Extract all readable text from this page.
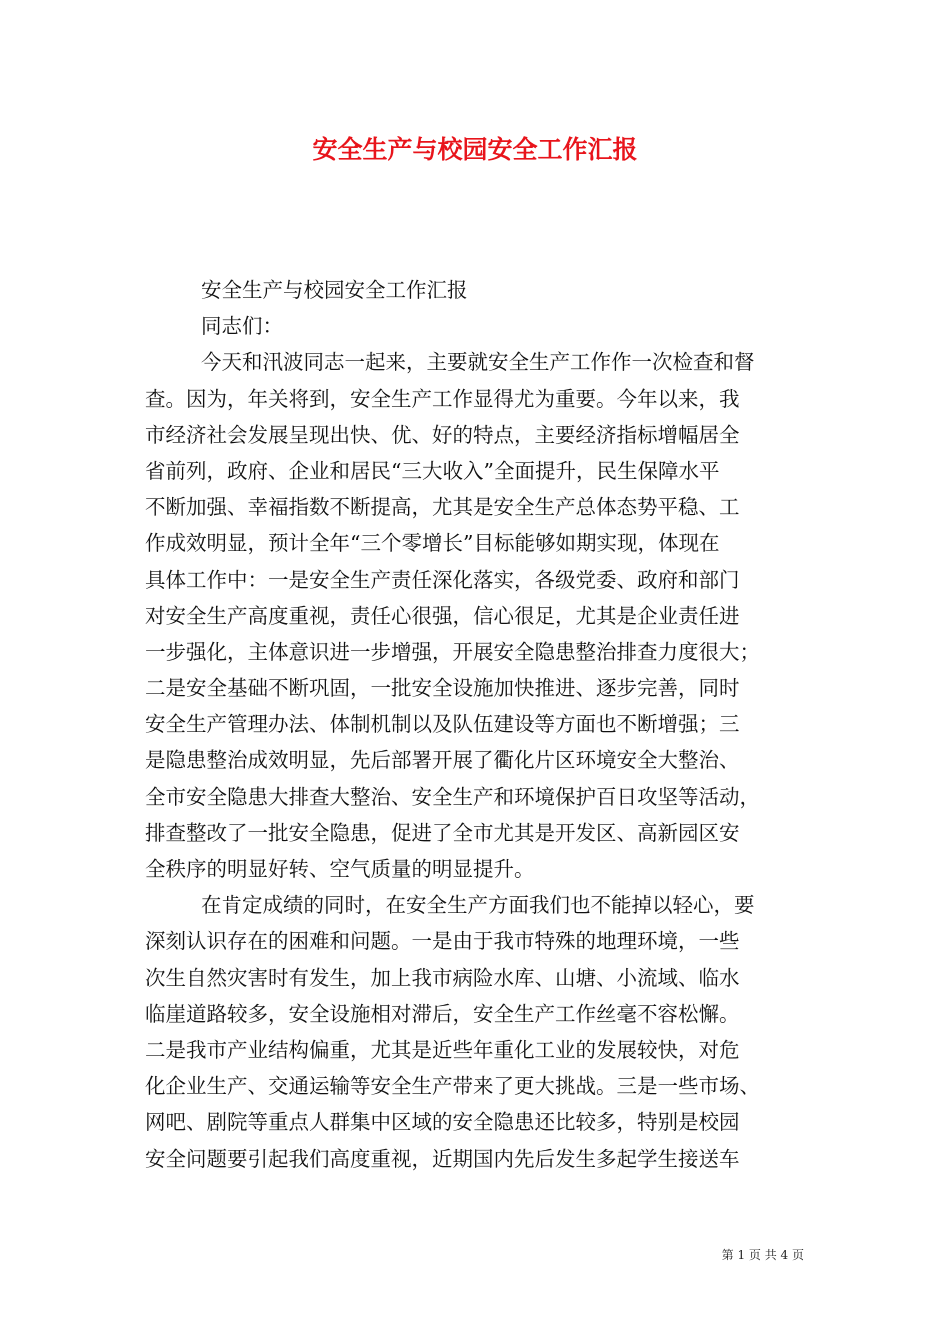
安全生产与校园安全工作汇报
安全生产与校园安全工作汇报
同志们：
今天和汛波同志一起来，主要就安全生产工作作一次检查和督
查。因为，年关将到，安全生产工作显得尤为重要。今年以来，我
市经济社会发展呈现出快、优、好的特点，主要经济指标增幅居全
省前列，政府、企业和居民“三大收入”全面提升，民生保障水平
不断加强、幸福指数不断提高，尤其是安全生产总体态势平稳、工
作成效明显，预计全年“三个零增长”目标能够如期实现，体现在
具体工作中：一是安全生产责任深化落实，各级党委、政府和部门
对安全生产高度重视，责任心很强，信心很足，尤其是企业责任进
一步强化，主体意识进一步增强，开展安全隐患整治排查力度很大；
二是安全基础不断巩固，一批安全设施加快推进、逐步完善，同时
安全生产管理办法、体制机制以及队伍建设等方面也不断增强；三
是隐患整治成效明显，先后部署开展了衢化片区环境安全大整治、
全市安全隐患大排查大整治、安全生产和环境保护百日攻坚等活动，
排查整改了一批安全隐患，促进了全市尤其是开发区、高新园区安
全秩序的明显好转、空气质量的明显提升。
在肯定成绩的同时，在安全生产方面我们也不能掉以轻心，要
深刻认识存在的困难和问题。一是由于我市特殊的地理环境，一些
次生自然灾害时有发生，加上我市病险水库、山塘、小流域、临水
临崖道路较多，安全设施相对滞后，安全生产工作丝毫不容松懈。
二是我市产业结构偏重，尤其是近些年重化工业的发展较快，对危
化企业生产、交通运输等安全生产带来了更大挑战。三是一些市场、
网吧、剧院等重点人群集中区域的安全隐患还比较多，特别是校园
安全问题要引起我们高度重视，近期国内先后发生多起学生接送车
第 1 页 共 4 页
